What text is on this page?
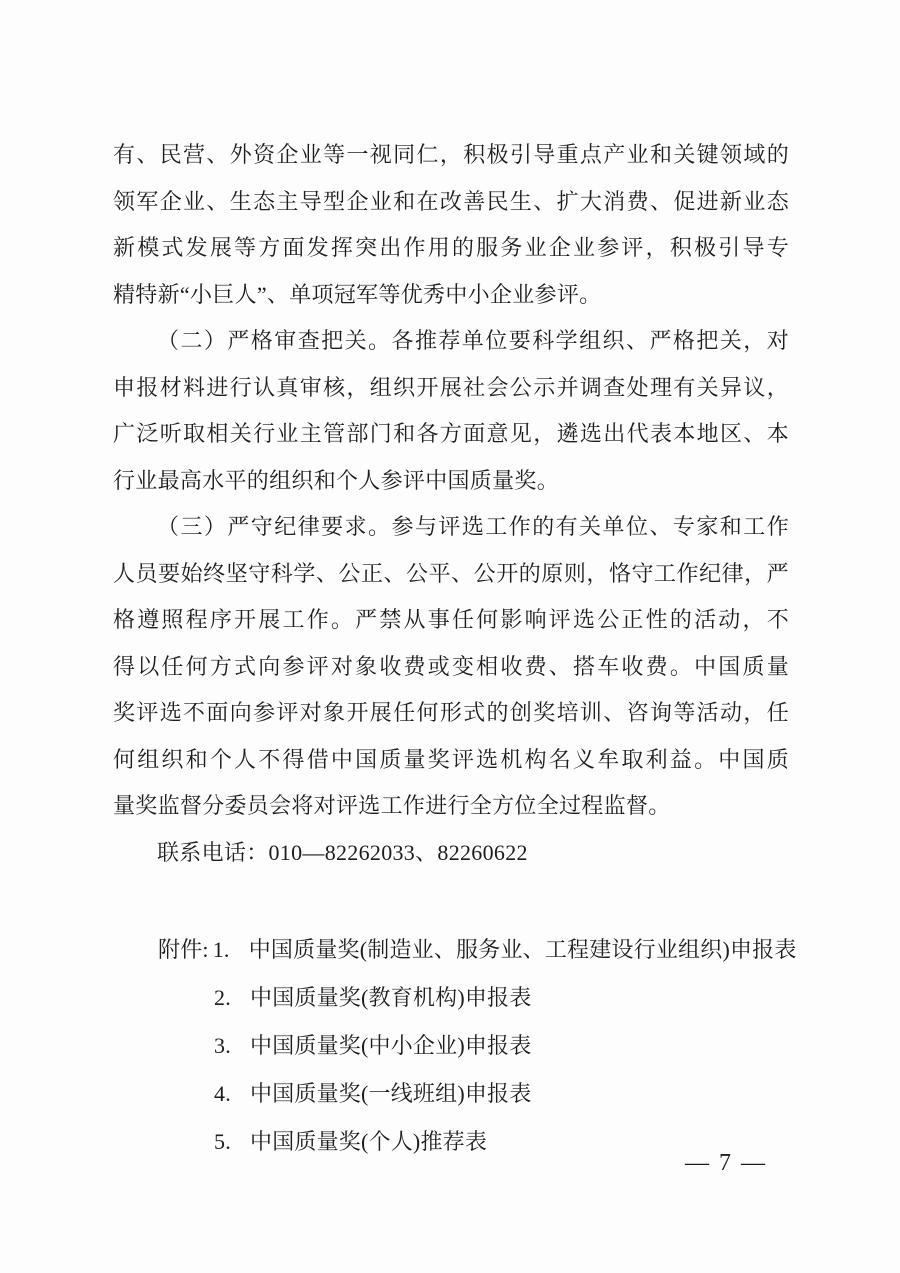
有、民营、外资企业等一视同仁，积极引导重点产业和关键领域的
领军企业、生态主导型企业和在改善民生、扩大消费、促进新业态
新模式发展等方面发挥突出作用的服务业企业参评，积极引导专
精特新“小巨人”、单项冠军等优秀中小企业参评。
（二）严格审查把关。各推荐单位要科学组织、严格把关，对
申报材料进行认真审核，组织开展社会公示并调查处理有关异议，
广泛听取相关行业主管部门和各方面意见，遴选出代表本地区、本
行业最高水平的组织和个人参评中国质量奖。
（三）严守纪律要求。参与评选工作的有关单位、专家和工作
人员要始终坚守科学、公正、公平、公开的原则，恪守工作纪律，严
格遵照程序开展工作。严禁从事任何影响评选公正性的活动，不
得以任何方式向参评对象收费或变相收费、搭车收费。中国质量
奖评选不面向参评对象开展任何形式的创奖培训、咨询等活动，任
何组织和个人不得借中国质量奖评选机构名义牟取利益。中国质
量奖监督分委员会将对评选工作进行全方位全过程监督。
联系电话：010—82262033、82260622
附件: 1. 中国质量奖(制造业、服务业、工程建设行业组织)申报表
2. 中国质量奖(教育机构)申报表
3. 中国质量奖(中小企业)申报表
4. 中国质量奖(一线班组)申报表
5. 中国质量奖(个人)推荐表
— 7 —
